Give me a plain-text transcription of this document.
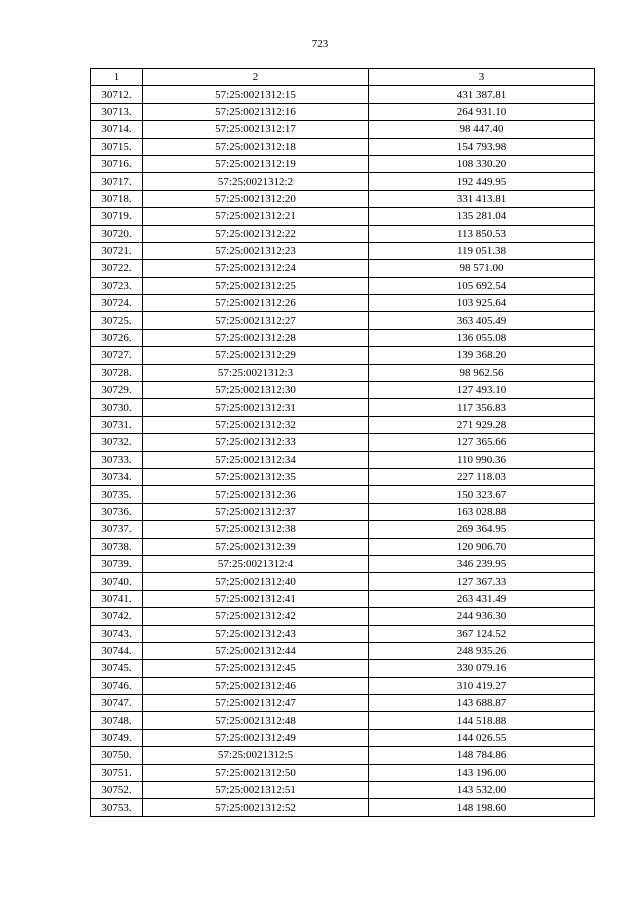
723
1	2	3
30712.	57:25:0021312:15	431 387.81
30713.	57:25:0021312:16	264 931.10
30714.	57:25:0021312:17	98 447.40
30715.	57:25:0021312:18	154 793.98
30716.	57:25:0021312:19	108 330.20
30717.	57:25:0021312:2	192 449.95
30718.	57:25:0021312:20	331 413.81
30719.	57:25:0021312:21	135 281.04
30720.	57:25:0021312:22	113 850.53
30721.	57:25:0021312:23	119 051.38
30722.	57:25:0021312:24	98 571.00
30723.	57:25:0021312:25	105 692.54
30724.	57:25:0021312:26	103 925.64
30725.	57:25:0021312:27	363 405.49
30726.	57:25:0021312:28	136 055.08
30727.	57:25:0021312:29	139 368.20
30728.	57:25:0021312:3	98 962.56
30729.	57:25:0021312:30	127 493.10
30730.	57:25:0021312:31	117 356.83
30731.	57:25:0021312:32	271 929.28
30732.	57:25:0021312:33	127 365.66
30733.	57:25:0021312:34	110 990.36
30734.	57:25:0021312:35	227 118.03
30735.	57:25:0021312:36	150 323.67
30736.	57:25:0021312:37	163 028.88
30737.	57:25:0021312:38	269 364.95
30738.	57:25:0021312:39	120 906.70
30739.	57:25:0021312:4	346 239.95
30740.	57:25:0021312:40	127 367.33
30741.	57:25:0021312:41	263 431.49
30742.	57:25:0021312:42	244 936.30
30743.	57:25:0021312:43	367 124.52
30744.	57:25:0021312:44	248 935.26
30745.	57:25:0021312:45	330 079.16
30746.	57:25:0021312:46	310 419.27
30747.	57:25:0021312:47	143 688.87
30748.	57:25:0021312:48	144 518.88
30749.	57:25:0021312:49	144 026.55
30750.	57:25:0021312:5	148 784.86
30751.	57:25:0021312:50	143 196.00
30752.	57:25:0021312:51	143 532.00
30753.	57:25:0021312:52	148 198.60
